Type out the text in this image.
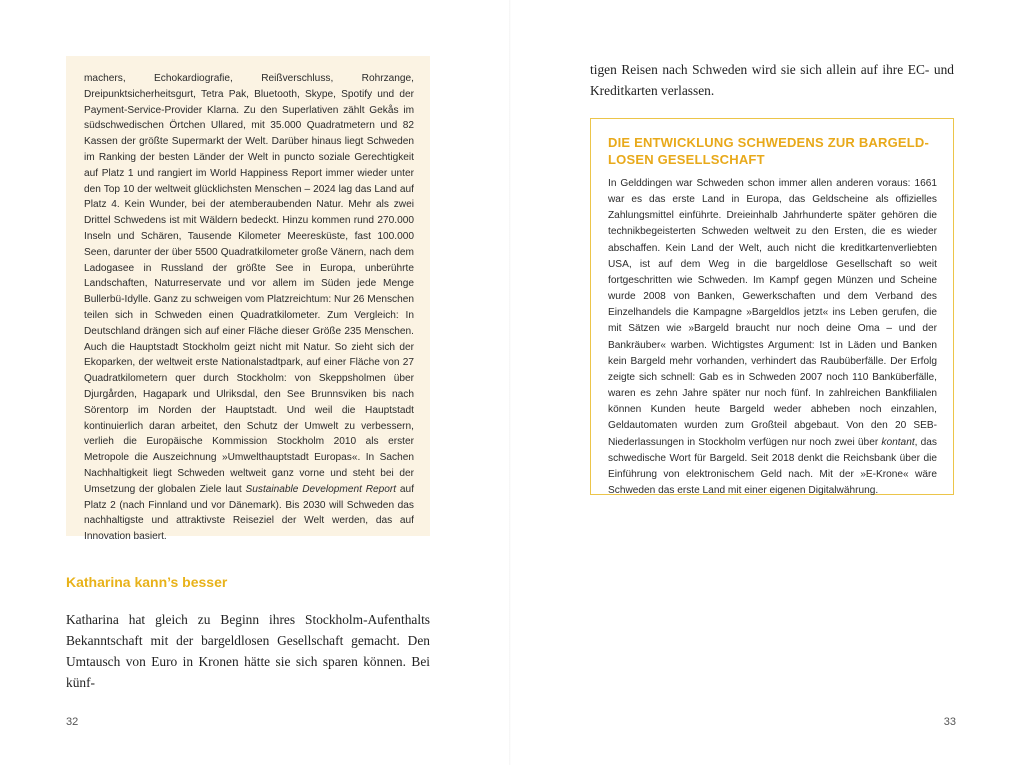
machers, Echokardiografie, Reißverschluss, Rohrzange, Dreipunktsicherheitsgurt, Tetra Pak, Bluetooth, Skype, Spotify und der Payment-Service-Provider Klarna. Zu den Superlativen zählt Gekås im südschwedischen Örtchen Ullared, mit 35.000 Quadratmetern und 82 Kassen der größte Supermarkt der Welt. Darüber hinaus liegt Schweden im Ranking der besten Länder der Welt in puncto soziale Gerechtigkeit auf Platz 1 und rangiert im World Happiness Report immer wieder unter den Top 10 der weltweit glücklichsten Menschen – 2024 lag das Land auf Platz 4. Kein Wunder, bei der atemberaubenden Natur. Mehr als zwei Drittel Schwedens ist mit Wäldern bedeckt. Hinzu kommen rund 270.000 Inseln und Schären, Tausende Kilometer Meeresküste, fast 100.000 Seen, darunter der über 5500 Quadratkilometer große Vänern, nach dem Ladogasee in Russland der größte See in Europa, unberührte Landschaften, Naturreservate und vor allem im Süden jede Menge Bullerbü-Idylle. Ganz zu schweigen vom Platzreichtum: Nur 26 Menschen teilen sich in Schweden einen Quadratkilometer. Zum Vergleich: In Deutschland drängen sich auf einer Fläche dieser Größe 235 Menschen. Auch die Hauptstadt Stockholm geizt nicht mit Natur. So zieht sich der Ekoparken, der weltweit erste Nationalstadtpark, auf einer Fläche von 27 Quadratkilometern quer durch Stockholm: von Skeppsholmen über Djurgården, Hagapark und Ulriksdal, den See Brunnsviken bis nach Sörentorp im Norden der Hauptstadt. Und weil die Hauptstadt kontinuierlich daran arbeitet, den Schutz der Umwelt zu verbessern, verlieh die Europäische Kommission Stockholm 2010 als erster Metropole die Auszeichnung »Umwelthauptstadt Europas«. In Sachen Nachhaltigkeit liegt Schweden weltweit ganz vorne und steht bei der Umsetzung der globalen Ziele laut Sustainable Development Report auf Platz 2 (nach Finnland und vor Dänemark). Bis 2030 will Schweden das nachhaltigste und attraktivste Reiseziel der Welt werden, das auf Innovation basiert.

Katharina kann’s besser

Katharina hat gleich zu Beginn ihres Stockholm-Aufenthalts Bekanntschaft mit der bargeldlosen Gesellschaft gemacht. Den Umtausch von Euro in Kronen hätte sie sich sparen können. Bei künf-

32

tigen Reisen nach Schweden wird sie sich allein auf ihre EC- und Kreditkarten verlassen.

DIE ENTWICKLUNG SCHWEDENS ZUR BARGELD-
LOSEN GESELLSCHAFT

In Gelddingen war Schweden schon immer allen anderen voraus: 1661 war es das erste Land in Europa, das Geldscheine als offizielles Zahlungsmittel einführte. Dreieinhalb Jahrhunderte später gehören die technikbegeisterten Schweden weltweit zu den Ersten, die es wieder abschaffen. Kein Land der Welt, auch nicht die kreditkartenverliebten USA, ist auf dem Weg in die bargeldlose Gesellschaft so weit fortgeschritten wie Schweden. Im Kampf gegen Münzen und Scheine wurde 2008 von Banken, Gewerkschaften und dem Verband des Einzelhandels die Kampagne »Bargeldlos jetzt« ins Leben gerufen, die mit Sätzen wie »Bargeld braucht nur noch deine Oma – und der Bankräuber« warben. Wichtigstes Argument: Ist in Läden und Banken kein Bargeld mehr vorhanden, verhindert das Raubüberfälle. Der Erfolg zeigte sich schnell: Gab es in Schweden 2007 noch 110 Banküberfälle, waren es zehn Jahre später nur noch fünf. In zahlreichen Bankfilialen können Kunden heute Bargeld weder abheben noch einzahlen, Geldautomaten wurden zum Großteil abgebaut. Von den 20 SEB-Niederlassungen in Stockholm verfügen nur noch zwei über kontant, das schwedische Wort für Bargeld. Seit 2018 denkt die Reichsbank über die Einführung von elektronischem Geld nach. Mit der »E-Krone« wäre Schweden das erste Land mit einer eigenen Digitalwährung.

33
